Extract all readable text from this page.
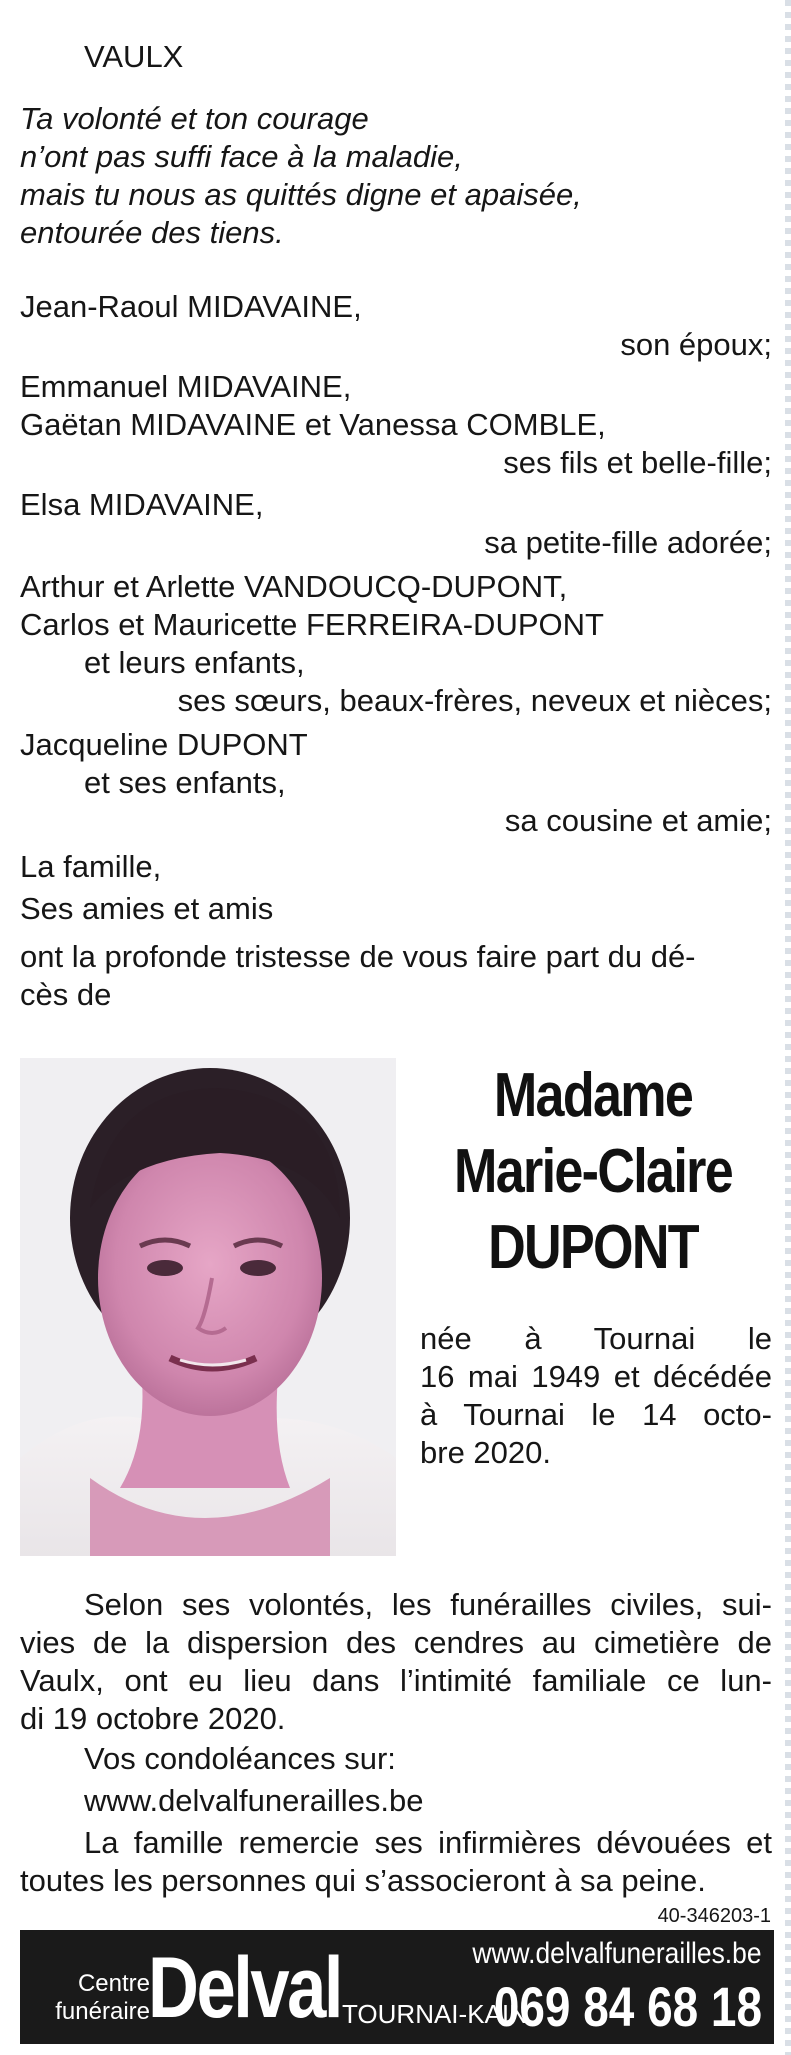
VAULX
Ta volonté et ton courage
n’ont pas suffi face à la maladie,
mais tu nous as quittés digne et apaisée,
entourée des tiens.
Jean-Raoul MIDAVAINE,
son époux;
Emmanuel MIDAVAINE,
Gaëtan MIDAVAINE et Vanessa COMBLE,
ses fils et belle-fille;
Elsa MIDAVAINE,
sa petite-fille adorée;
Arthur et Arlette VANDOUCQ-DUPONT,
Carlos et Mauricette FERREIRA-DUPONT
et leurs enfants,
ses sœurs, beaux-frères, neveux et nièces;
Jacqueline DUPONT
et ses enfants,
sa cousine et amie;
La famille,
Ses amies et amis
ont la profonde tristesse de vous faire part du dé-
cès de
Madame
Marie-Claire
DUPONT
née à Tournai le
16 mai 1949 et décédée
à Tournai le 14 octo-
bre 2020.
Selon ses volontés, les funérailles civiles, sui-
vies de la dispersion des cendres au cimetière de
Vaulx, ont eu lieu dans l’intimité familiale ce lun-
di 19 octobre 2020.
Vos condoléances sur:
www.delvalfunerailles.be
La famille remercie ses infirmières dévouées et
toutes les personnes qui s’associeront à sa peine.
40-346203-1
Centre
funéraire
Delval	www.delvalfunerailles.be
TOURNAI-KAIN
069 84 68 18
